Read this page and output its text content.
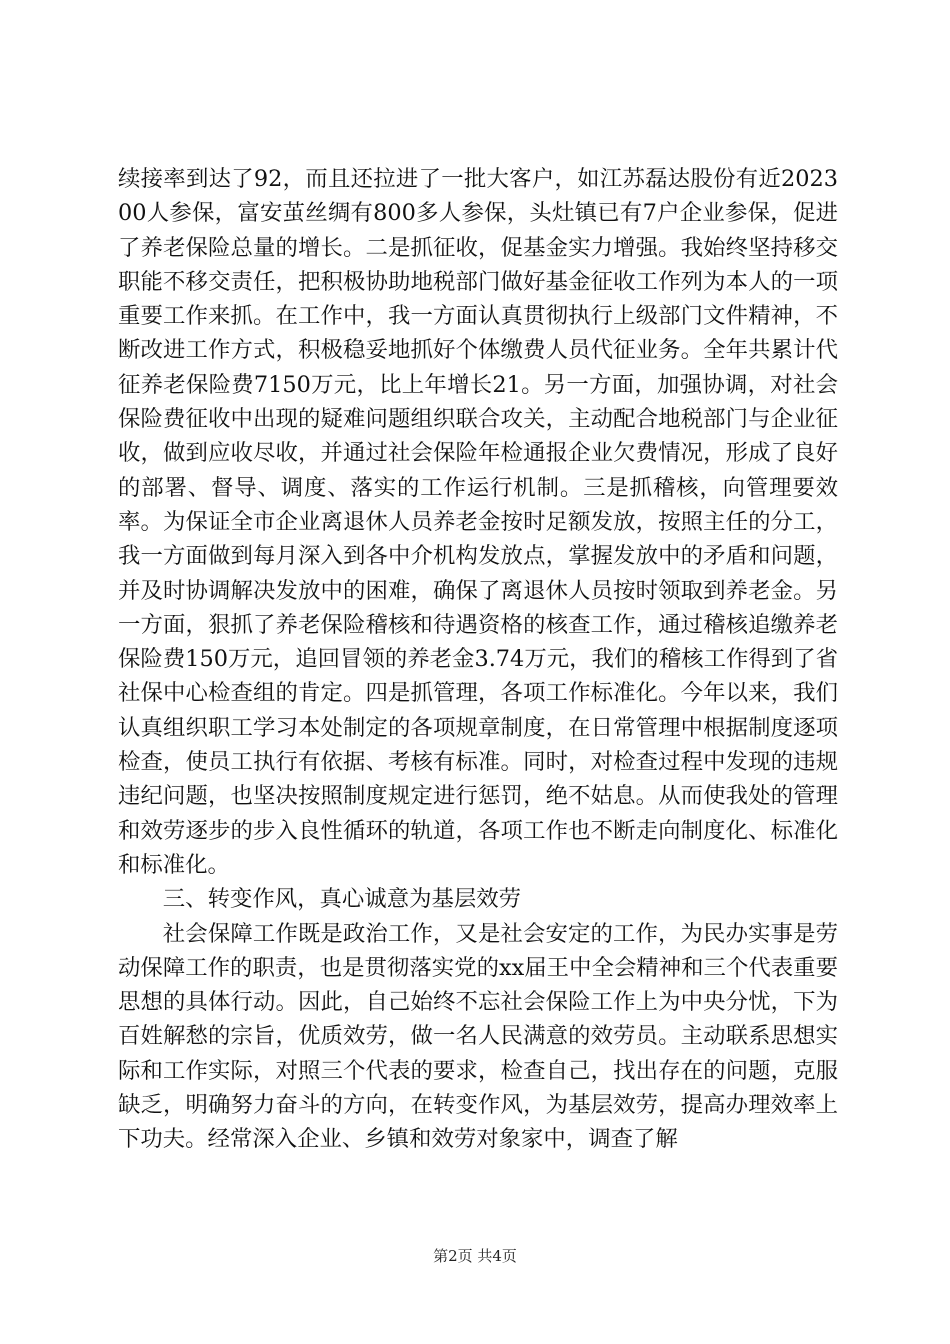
续接率到达了92，而且还拉进了一批大客户，如江苏磊达股份有近202300人参保，富安茧丝绸有800多人参保，头灶镇已有7户企业参保，促进了养老保险总量的增长。二是抓征收，促基金实力增强。我始终坚持移交职能不移交责任，把积极协助地税部门做好基金征收工作列为本人的一项重要工作来抓。在工作中，我一方面认真贯彻执行上级部门文件精神，不断改进工作方式，积极稳妥地抓好个体缴费人员代征业务。全年共累计代征养老保险费7150万元，比上年增长21。另一方面，加强协调，对社会保险费征收中出现的疑难问题组织联合攻关，主动配合地税部门与企业征收，做到应收尽收，并通过社会保险年检通报企业欠费情况，形成了良好的部署、督导、调度、落实的工作运行机制。三是抓稽核，向管理要效率。为保证全市企业离退休人员养老金按时足额发放，按照主任的分工，我一方面做到每月深入到各中介机构发放点，掌握发放中的矛盾和问题，并及时协调解决发放中的困难，确保了离退休人员按时领取到养老金。另一方面，狠抓了养老保险稽核和待遇资格的核查工作，通过稽核追缴养老保险费150万元，追回冒领的养老金3.74万元，我们的稽核工作得到了省社保中心检查组的肯定。四是抓管理，各项工作标准化。今年以来，我们认真组织职工学习本处制定的各项规章制度，在日常管理中根据制度逐项检查，使员工执行有依据、考核有标准。同时，对检查过程中发现的违规违纪问题，也坚决按照制度规定进行惩罚，绝不姑息。从而使我处的管理和效劳逐步的步入良性循环的轨道，各项工作也不断走向制度化、标准化和标准化。

三、转变作风，真心诚意为基层效劳

社会保障工作既是政治工作，又是社会安定的工作，为民办实事是劳动保障工作的职责，也是贯彻落实党的xx届王中全会精神和三个代表重要思想的具体行动。因此，自己始终不忘社会保险工作上为中央分忧，下为百姓解愁的宗旨，优质效劳，做一名人民满意的效劳员。主动联系思想实际和工作实际，对照三个代表的要求，检查自己，找出存在的问题，克服缺乏，明确努力奋斗的方向，在转变作风，为基层效劳，提高办理效率上下功夫。经常深入企业、乡镇和效劳对象家中，调查了解

第2页 共4页
